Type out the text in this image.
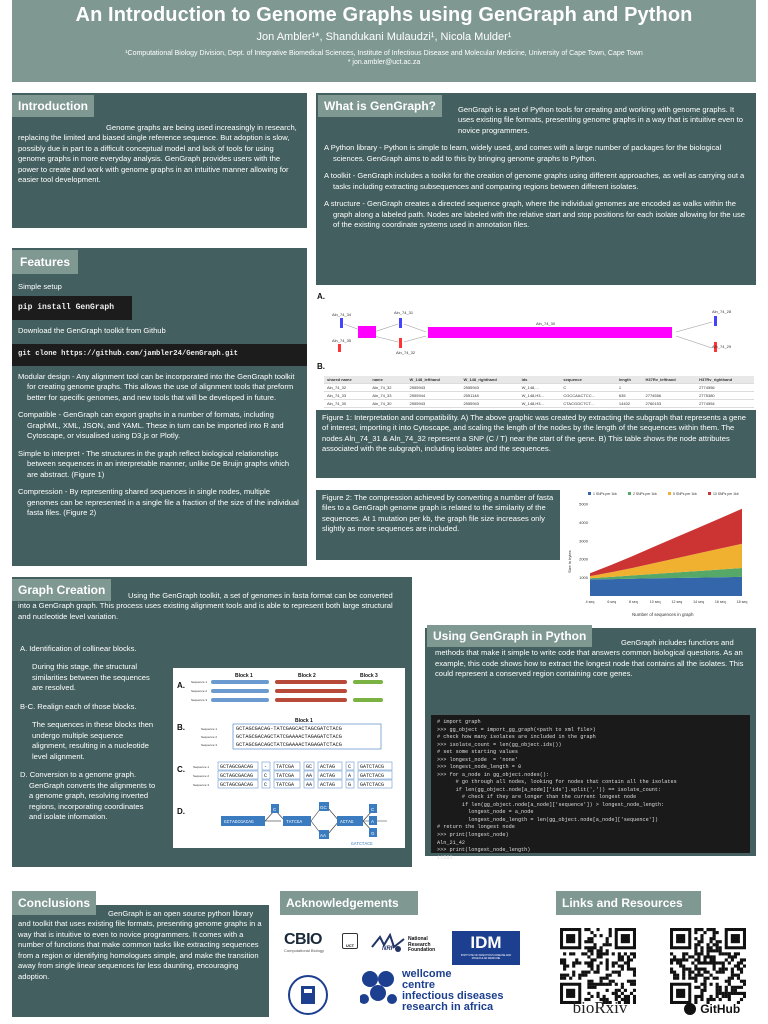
An Introduction to Genome Graphs using GenGraph and Python
Jon Ambler¹*, Shandukani Mulaudzi¹, Nicola Mulder¹
¹Computational Biology Division, Dept. of Integrative Biomedical Sciences, Institute of Infectious Disease and Molecular Medicine, University of Cape Town, Cape Town
* jon.ambler@uct.ac.za
Genome graphs are being used increasingly in research, replacing the limited and biased single reference sequence. But adoption is slow, possibly due in part to a difficult conceptual model and lack of tools for using genome graphs in more everyday analysis. GenGraph provides users with the power to create and work with genome graphs in an intuitive manner allowing for easier tool development.
Introduction
Simple setup
pip install GenGraph
Download the GenGraph toolkit from Github
git clone https://github.com/jambler24/GenGraph.git
Modular design - Any alignment tool can be incorporated into the GenGraph toolkit for creating genome graphs. This allows the use of alignment tools that preform better for specific genomes, and new tools that will be developed in future.
Compatible - GenGraph can export graphs in a number of formats, including GraphML, XML, JSON, and YAML. These in turn can be imported into R and Cytoscape, or visualised using D3.js or Plotly.
Simple to interpret - The structures in the graph reflect biological relationships between sequences in an interpretable manner, unlike De Bruijn graphs which are abstract. (Figure 1)
Compression - By representing shared sequences in single nodes, multiple genomes can be represented in a single file a fraction of the size of the individual fasta files. (Figure 2)
Features
GenGraph is a set of Python tools for creating and working with genome graphs. It uses existing file formats, presenting genome graphs in a way that is intuitive even to novice programmers.
A Python library - Python is simple to learn, widely used, and comes with a large number of packages for the biological sciences. GenGraph aims to add to this by bringing genome graphs to Python.
A toolkit - GenGraph includes a toolkit for the creation of genome graphs using different approaches, as well as carrying out a tasks including extracting subsequences and comparing regions between different isolates.
A structure - GenGraph creates a directed sequence graph, where the individual genomes are encoded as walks within the graph along a labeled path. Nodes are labeled with the relative start and stop positions for each isolate allowing for the use of the existing coordinate systems used in annotation files.
What is GenGraph?
A.
Aln_74_34	Aln_74_31
Aln_74_32
Aln_74_30
Aln_74_28
Aln_74_35
Aln_74_29
B.
shared name	name	W_148_lefthand	W_148_righthand	ids	sequence	length	H37Rv_lefthand	H37Rv_righthand
Aln_74_32	Aln_74_32	2555943	2555943	W_148,...	C	1		2774556
Aln_74_33	Aln_74_33	2555944	2551148	W_148,H3...	CGCCAACTCC...	635	2774556	2775380
Aln_74_30	Aln_74_30	2555943	2555943	W_148,H3...	CTACGGCTCT...	14402	2760153	2774554

Figure 1: Interpretation and compatibility. A) The above graphic was created by extracting the subgraph that represents a gene of interest, importing it into Cytoscape, and scaling the length of the nodes by the length of the sequences within them. The nodes Aln_74_31 & Aln_74_32 represent a SNP (C / T) near the start of the gene. B) This table shows the node attributes associated with the subgraph, including isolates and the sequences.
Figure 2: The compression achieved by converting a number of fasta files to a GenGraph genome graph is related to the similarity of the sequences. At 1 mutation per kb, the graph file size increases only slightly as more sequences are included.
1 SNPs per 1kb	2 SNPs per 1kb	5 SNPs per 1kb	10 SNPs per 1kb
5000
4000
3000
2000
1000
4 seq	6 seq	8 seq	10 seq	12 seq	14 seq	16 seq	18 seq
Size in bytes
Number of sequences in graph
Using the GenGraph toolkit, a set of genomes in fasta format can be converted into a GenGraph graph. This process uses existing alignment tools and is able to represent both large structural and nucleotide level variation.
A. Identification of collinear blocks.
During this stage, the structural similarities between the sequences are resolved.
B-C. Realign each of those blocks.
The sequences in these blocks then undergo multiple sequence alignment, resulting in a nucleotide level alignment.
D. Conversion to a genome graph. GenGraph converts the alignments to a genome graph, resolving inverted regions, incorporating coordinates and isolate information.
Graph Creation
A.
Block 1	Block 2	Block 3
Sequence 1
Sequence 2
Sequence 3
B.
Block 1
Sequence 1
Sequence 2
Sequence 3
GCTAGCGACAG-TATCGAGCACTAGCGATCTACG
GCTAGCGACAGCTATCGAAAACTAGAGATCTACG
GCTAGCGACAGCTATCGAAAACTAGAGATCTACG
C.	Sequence 1 GCTAGCGACAG - TATCGA GC ACTAG	C GATCTACG
Sequence 2 GCTAGCGACAG C TATCGA AA ACTAG	A GATCTACG
Sequence 3 GCTAGCGACAG C TATCGA AA ACTAG	G GATCTACG
D.
GCTAGCGACAG
C
TATCGA
GC
AA
ACTAG
C
A
G
GATCTACG
GenGraph includes functions and methods that make it simple to write code that answers common biological questions. As an example, this code shows how to extract the longest node that contains all the isolates. This could represent a conserved region containing core genes.
Using GenGraph in Python
# import graph
>>> gg_object = import_gg_graph(<path to xml file>)
# check how many isolates are included in the graph
>>> isolate_count = len(gg_object.ids())
# set some starting values
>>> longest_node  = 'none'
>>> longest_node_length = 0
>>> for a_node in gg_object.nodes():
# go through all nodes, looking for nodes that contain all the isolates
if len(gg_object.node[a_node]['ids'].split(',')) == isolate_count:
# check if they are longer than the current longest node
if len(gg_object.node[a_node]['sequence']) > longest_node_length:
longest_node = a_node
longest_node_length = len(gg_object.node[a_node]['sequence'])
# return the longest node
>>> print(longest_node)
Aln_21_42
>>> print(longest_node_length)
11583
GenGraph is an open source python library and toolkit that uses existing file formats, presenting genome graphs in a way that is intuitive to even to novice programmers. It comes with a number of functions that make common tasks like extracting sequences from a region or identifying homologues simple, and make the transition away from single linear sequences far less daunting, encouraging adoption.
Conclusions	Acknowledgements
CBIO
Computational Biology
UCT
NRF
National Research Foundation	IDM
INSTITUTE OF INFECTIOUS DISEASE AND MOLECULAR MEDICINE
wellcome
centre
infectious diseases
research in africa
Links and Resources
bioRxiv	GitHub
